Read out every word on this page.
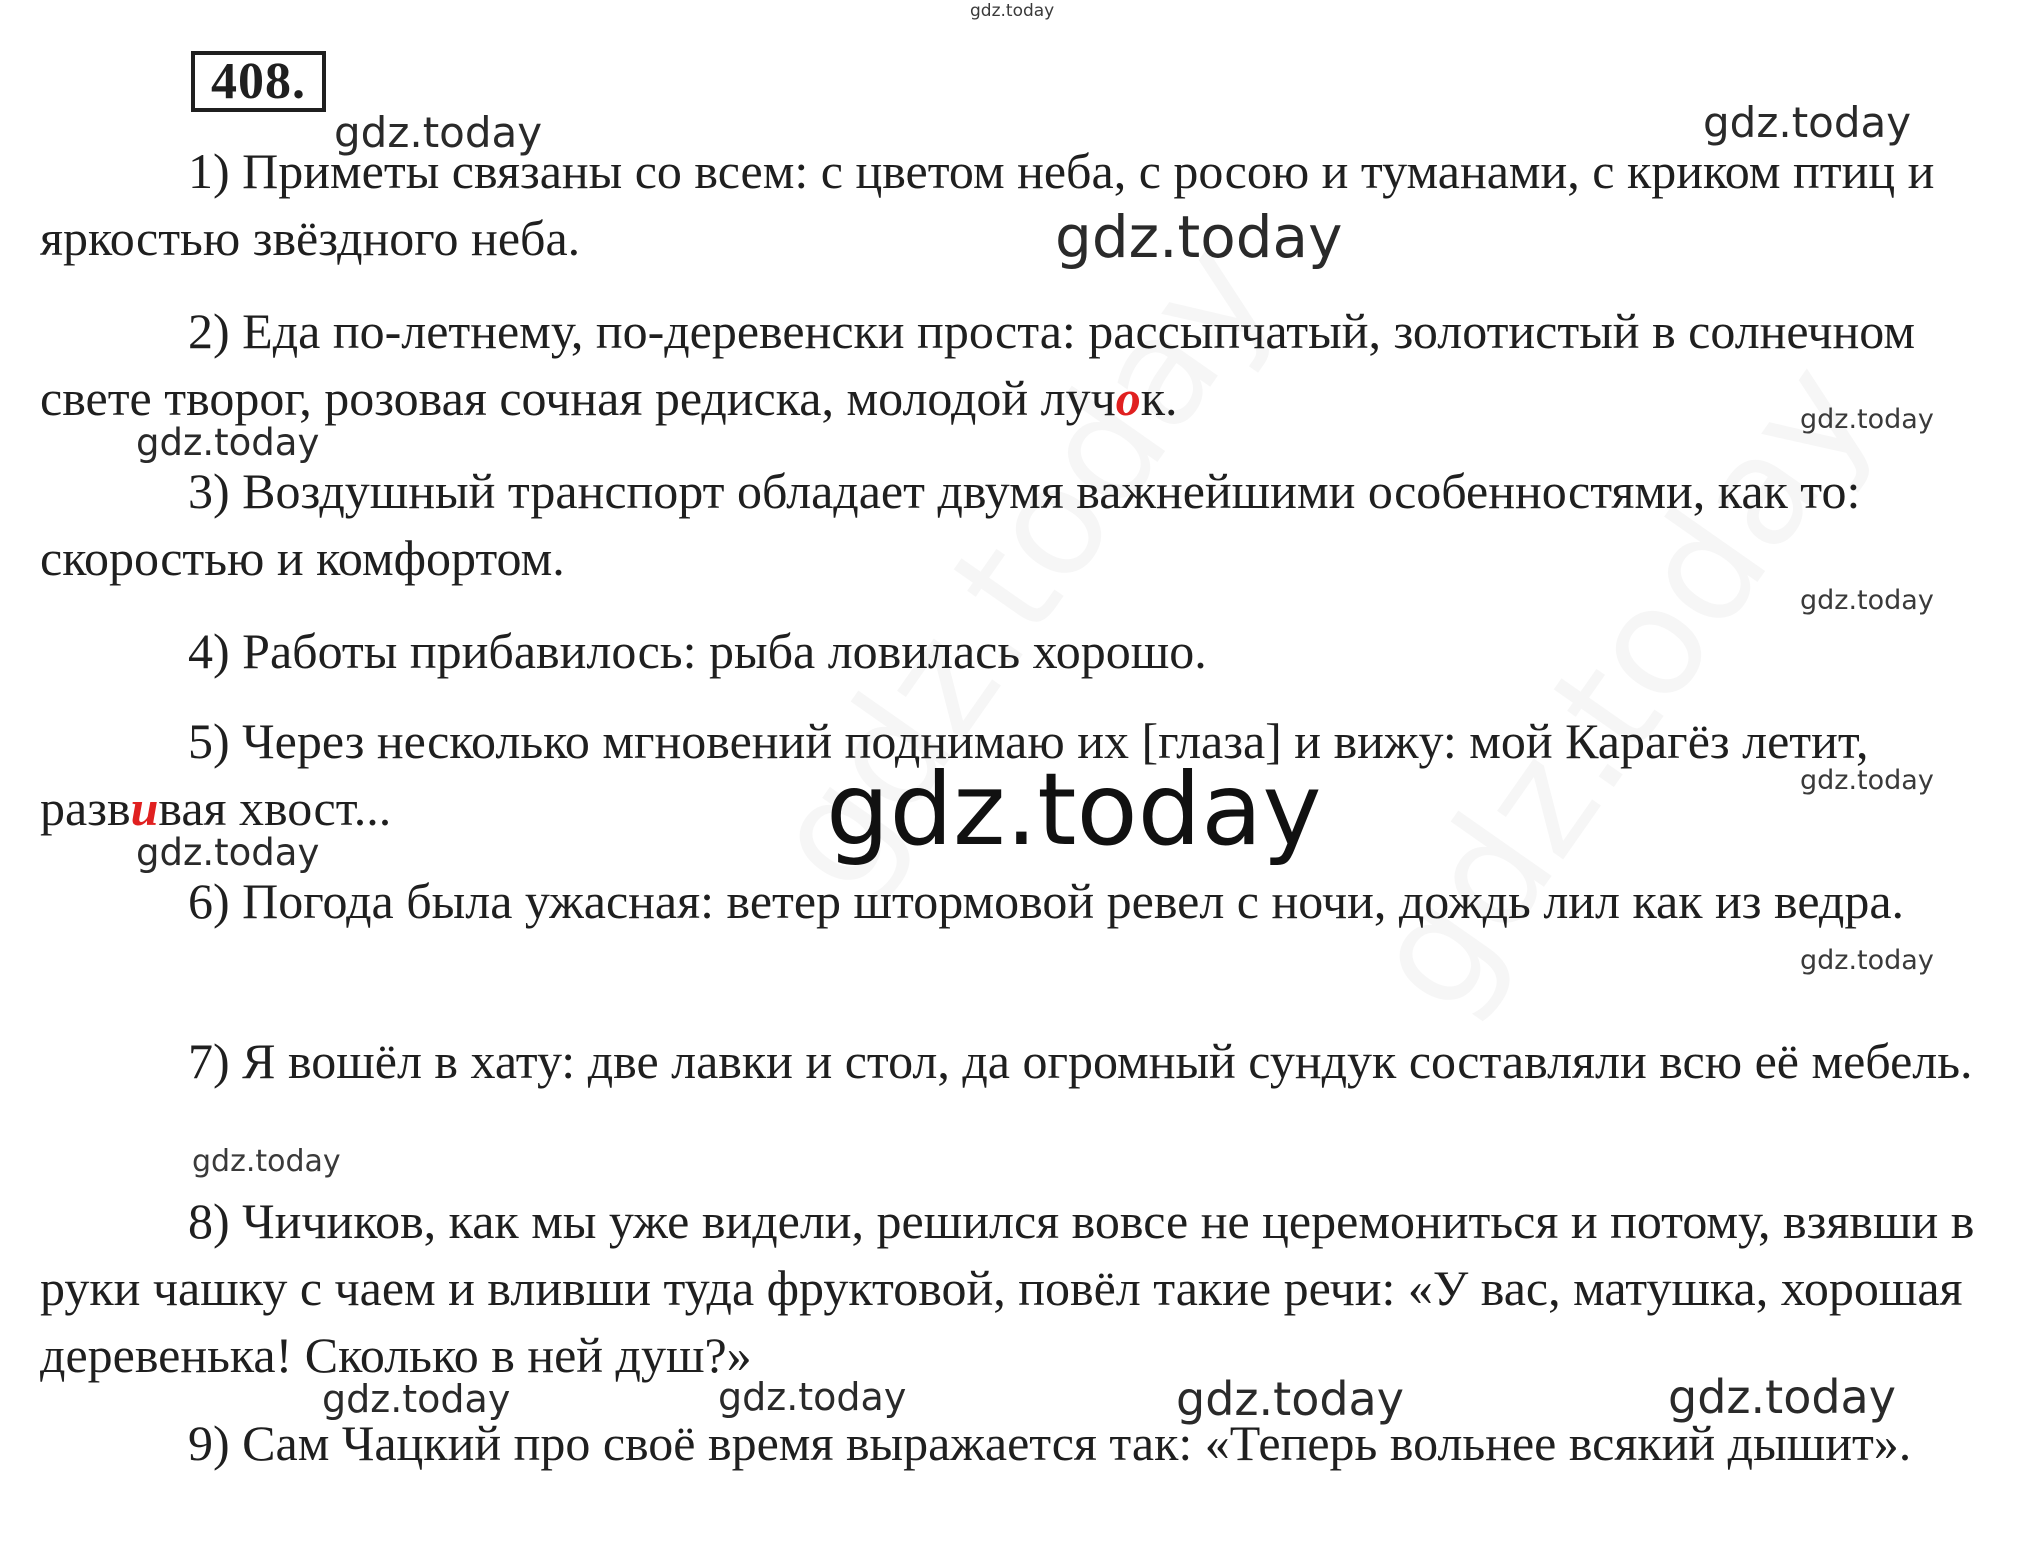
gdz.today
gdz.today	gdz.today
gdz.today
gdz.today
gdz.today
gdz.today
gdz.today
gdz.today
gdz.today
gdz.today
gdz.today
gdz.today	gdz.today	gdz.today	gdz.today
408.
1) Приметы связаны со всем: с цветом неба, с росою и туманами, с криком птиц и яркостью звёздного неба.
2) Еда по-летнему, по-деревенски проста: рассыпчатый, золотистый в солнечном свете творог, розовая сочная редиска, молодой лучок.
3) Воздушный транспорт обладает двумя важнейшими особенностями, как то: скоростью и комфортом.
4) Работы прибавилось: рыба ловилась хорошо.
5) Через несколько мгновений поднимаю их [глаза] и вижу: мой Карагёз летит, развивая хвост...
6) Погода была ужасная: ветер штормовой ревел с ночи, дождь лил как из ведра.
7) Я вошёл в хату: две лавки и стол, да огромный сундук составляли всю её мебель.
8) Чичиков, как мы уже видели, решился вовсе не церемониться и потому, взявши в руки чашку с чаем и вливши туда фруктовой, повёл такие речи: «У вас, матушка, хорошая деревенька! Сколько в ней душ?»
9) Сам Чацкий про своё время выражается так: «Теперь вольнее всякий дышит».
